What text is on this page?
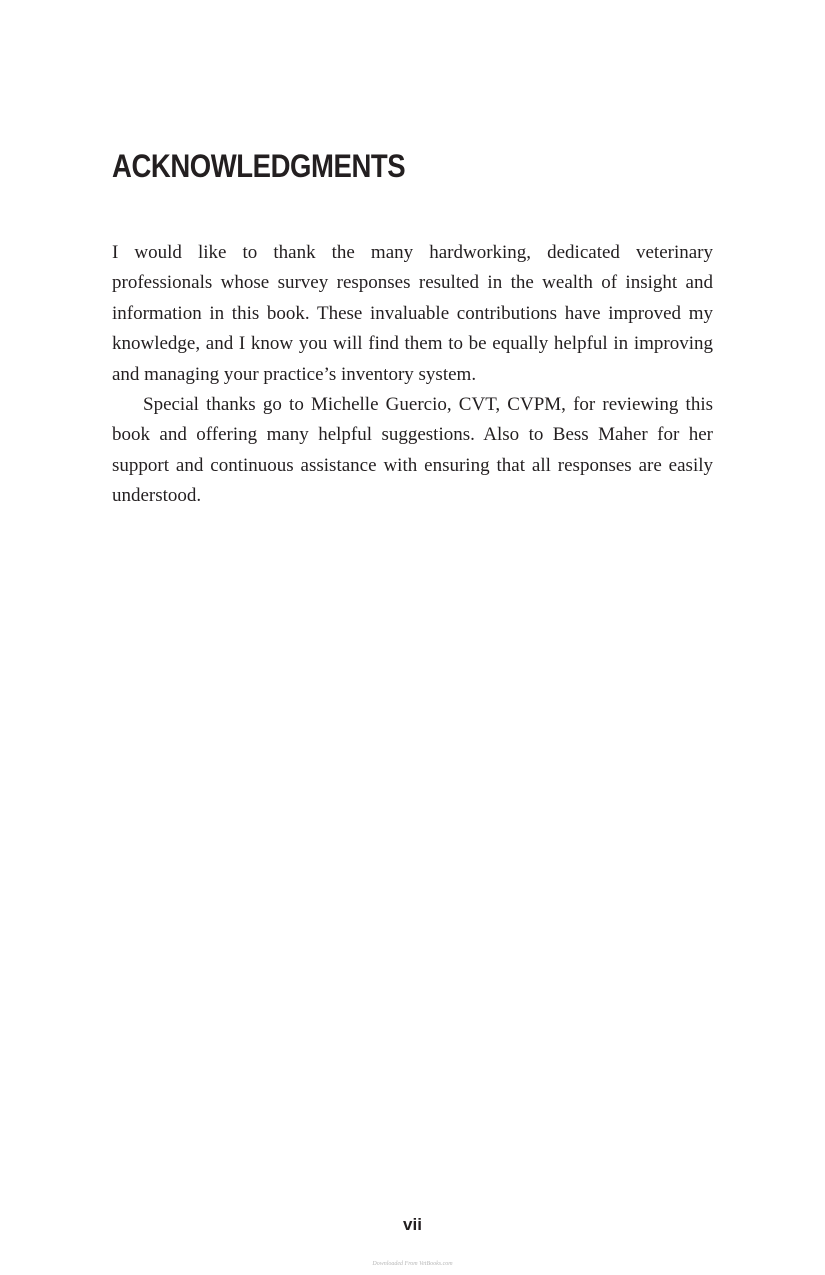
ACKNOWLEDGMENTS

I would like to thank the many hardworking, dedicated veterinary professionals whose survey responses resulted in the wealth of insight and information in this book. These invaluable contributions have improved my knowledge, and I know you will find them to be equally helpful in improving and managing your practice’s inventory system.

Special thanks go to Michelle Guercio, CVT, CVPM, for reviewing this book and offering many helpful suggestions. Also to Bess Maher for her support and continuous assistance with ensuring that all responses are easily understood.

vii
Downloaded From VetBooks.com
